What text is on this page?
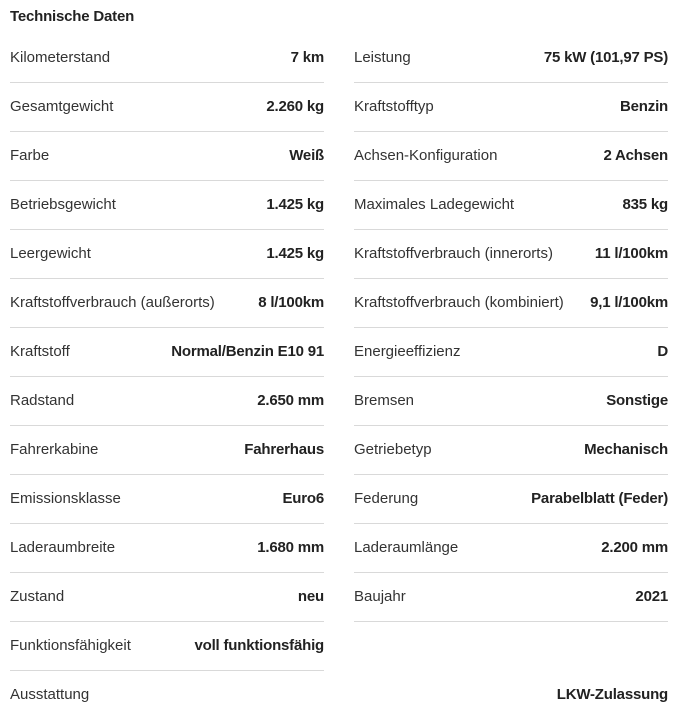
Technische Daten
Kilometerstand	7 km Leistung	75 kW (101,97 PS)
Gesamtgewicht	2.260 kg Kraftstofftyp	Benzin
Farbe	Weiß Achsen-Konfiguration	2 Achsen
Betriebsgewicht	1.425 kg Maximales Ladegewicht	835 kg
Leergewicht	1.425 kg Kraftstoffverbrauch (innerorts)	11 l/100km
Kraftstoffverbrauch (außerorts)	8 l/100km Kraftstoffverbrauch (kombiniert) 9,1 l/100km
Kraftstoff	Normal/Benzin E10 91 Energieeffizienz	D
Radstand	2.650 mm Bremsen	Sonstige
Fahrerkabine	Fahrerhaus Getriebetyp	Mechanisch
Emissionsklasse	Euro6 Federung	Parabelblatt (Feder)
Laderaumbreite	1.680 mm Laderaumlänge	2.200 mm
Zustand	neu Baujahr	2021
Funktionsfähigkeit	voll funktionsfähig
Ausstattung	LKW-Zulassung
